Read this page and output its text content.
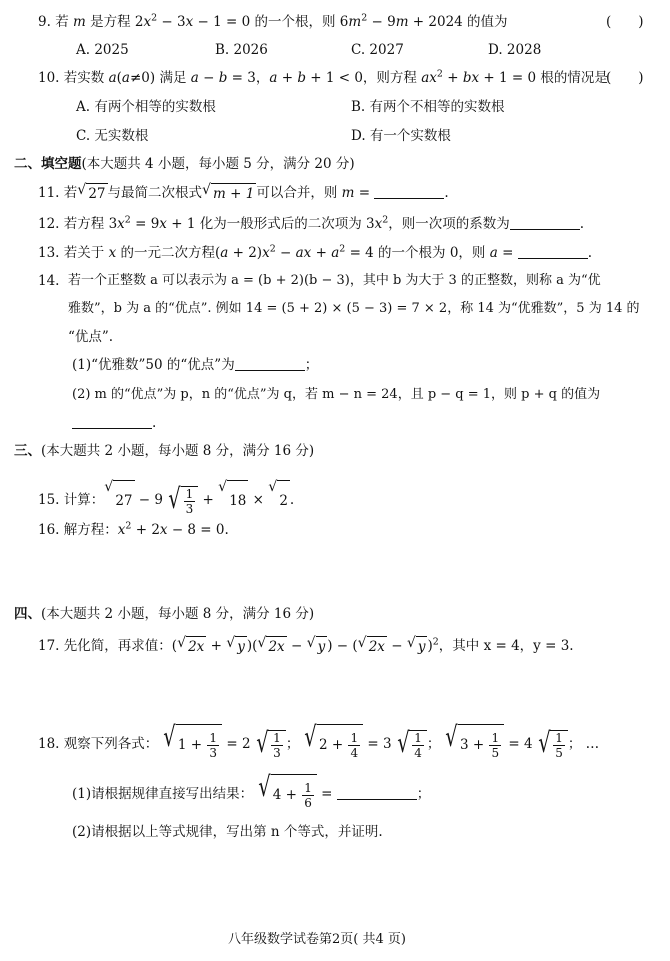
9. 若 m 是方程 $2x^2 - 3x - 1 = 0$ 的一个根，则 $6m^2 - 9m + 2024$ 的值为	(　　)
A. 2025	B. 2026	C. 2027	D. 2028
10. 若实数 a(a≠0) 满足 a − b = 3，a + b + 1 < 0，则方程 $ax^2$ + bx + 1 = 0 根的情况是
(　　)
A. 有两个相等的实数根	B. 有两个不相等的实数根
C. 无实数根	D. 有一个实数根
二、填空题(本大题共 4 小题，每小题 5 分，满分 20 分)
11. 若 √ 27 与最简二次根式 √ m + 1 可以合并，则 m =	.
12. 若方程 $3x^2 = 9x + 1$ 化为一般形式后的二次项为 $3x^2$，则一次项的系数为	.
13. 若关于 x 的一元二次方程$(a + 2)x^2$ − ax + $a^2 = 4$ 的一个根为 0，则 a =	.
14. 若一个正整数 a 可以表示为 a = (b + 2)(b − 3)，其中 b 为大于 3 的正整数，则称 a 为“优
雅数”，b 为 a 的“优点”. 例如 14 = (5 + 2) × (5 − 3) = 7 × 2，称 14 为“优雅数”，5 为 14 的
“优点”.
(1)“优雅数”50 的“优点”为	；
(2) m 的“优点”为 p，n 的“优点”为 q，若 m − n = 24，且 p − q = 1，则 p + q 的值为
.
三、(本大题共 2 小题，每小题 8 分，满分 16 分)
15. 计算：
√
27 − 9 √ $\frac{1}{3}$ +
√
18 ×
√
2 .
16. 解方程：$x^2 + 2x - 8 = 0$.
四、(本大题共 2 小题，每小题 8 分，满分 16 分)
17. 先化简，再求值：( √ 2x + √ y )( √ 2x − √ y ) − ( √ 2x − √ y )$^2$，其中 x = 4，y = 3.
18. 观察下列各式： √ $1 + \frac{1}{3} = 2$ √ $\frac{1}{3}$ ； √ $2 + \frac{1}{4} = 3$ √ $\frac{1}{4}$ ； √ $3 + \frac{1}{5} = 4$ √ $\frac{1}{5}$ ； …
(1)请根据规律直接写出结果： √ $4 + \frac{1}{6}$ =	；
(2)请根据以上等式规律，写出第 n 个等式，并证明.
八年级数学试卷第2页( 共4 页)
